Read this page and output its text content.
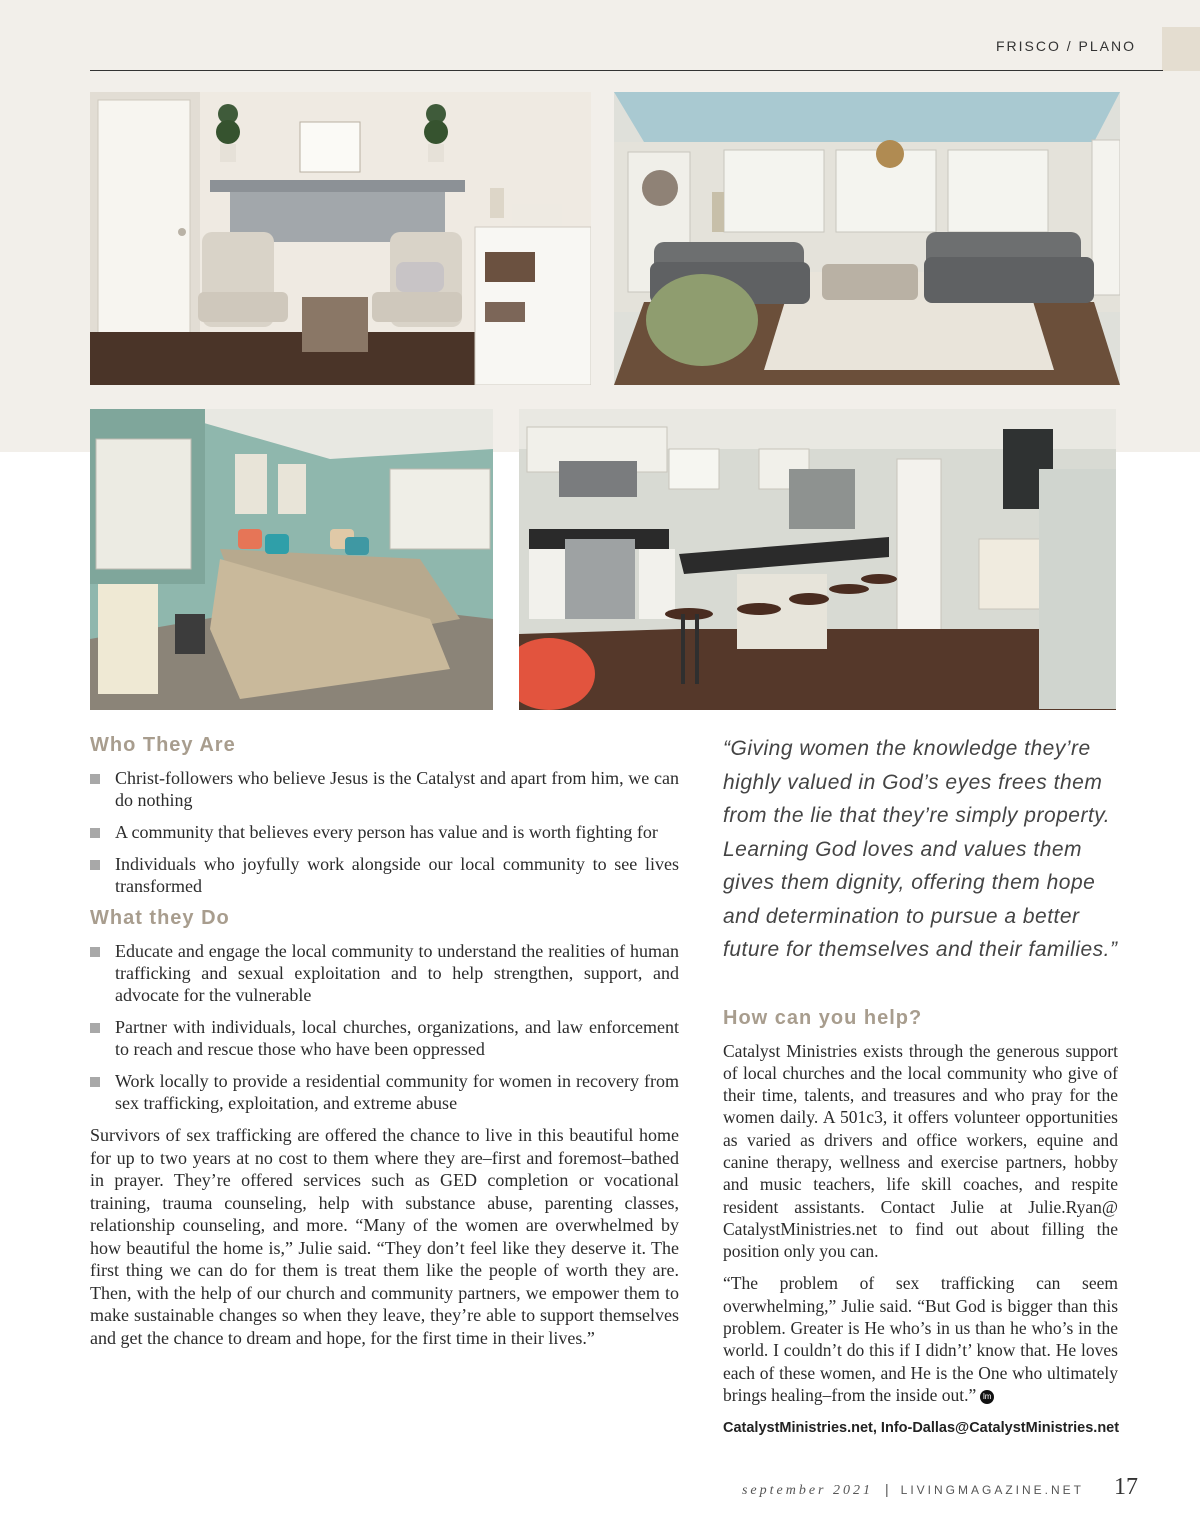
FRISCO / PLANO
Who They Are
Christ-followers who believe Jesus is the Catalyst and apart from him, we can do nothing
A community that believes every person has value and is worth fighting for
Individuals who joyfully work alongside our local community to see lives transformed
What they Do
Educate and engage the local community to understand the realities of human trafficking and sexual exploitation and to help strengthen, support, and advocate for the vulnerable
Partner with individuals, local churches, organizations, and law enforcement to reach and rescue those who have been oppressed
Work locally to provide a residential community for women in recovery from sex trafficking, exploitation, and extreme abuse

Survivors of sex trafficking are offered the chance to live in this beautiful home for up to two years at no cost to them where they are–first and foremost–bathed in prayer. They’re offered services such as GED completion or vocational training, trauma counseling, help with substance abuse, parenting classes, relationship counseling, and more. “Many of the women are overwhelmed by how beautiful the home is,” Julie said. “They don’t feel like they deserve it. The first thing we can do for them is treat them like the people of worth they are. Then, with the help of our church and community partners, we empower them to make sustainable changes so when they leave, they’re able to support themselves and get the chance to dream and hope, for the first time in their lives.”

“Giving women the knowledge they’re highly valued in God’s eyes frees them from the lie that they’re simply property. Learning God loves and values them gives them dignity, offering them hope and determination to pursue a better future for themselves and their families.”

How can you help?

Catalyst Ministries exists through the generous support of local churches and the local community who give of their time, talents, and treasures and who pray for the women daily. A 501c3, it offers volunteer opportunities as varied as drivers and office workers, equine and canine therapy, wellness and exercise partners, hobby and music teachers, life skill coaches, and respite resident assistants. Contact Julie at Julie.Ryan@ CatalystMinistries.net to find out about filling the position only you can.

“The problem of sex trafficking can seem overwhelming,” Julie said. “But God is bigger than this problem. Greater is He who’s in us than he who’s in the world. I couldn’t do this if I didn’t’ know that. He loves each of these women, and He is the One who ultimately brings healing–from the inside out.” lm

CatalystMinistries.net, Info-Dallas@CatalystMinistries.net
september 2021 | LIVINGMAGAZINE.NET 17
